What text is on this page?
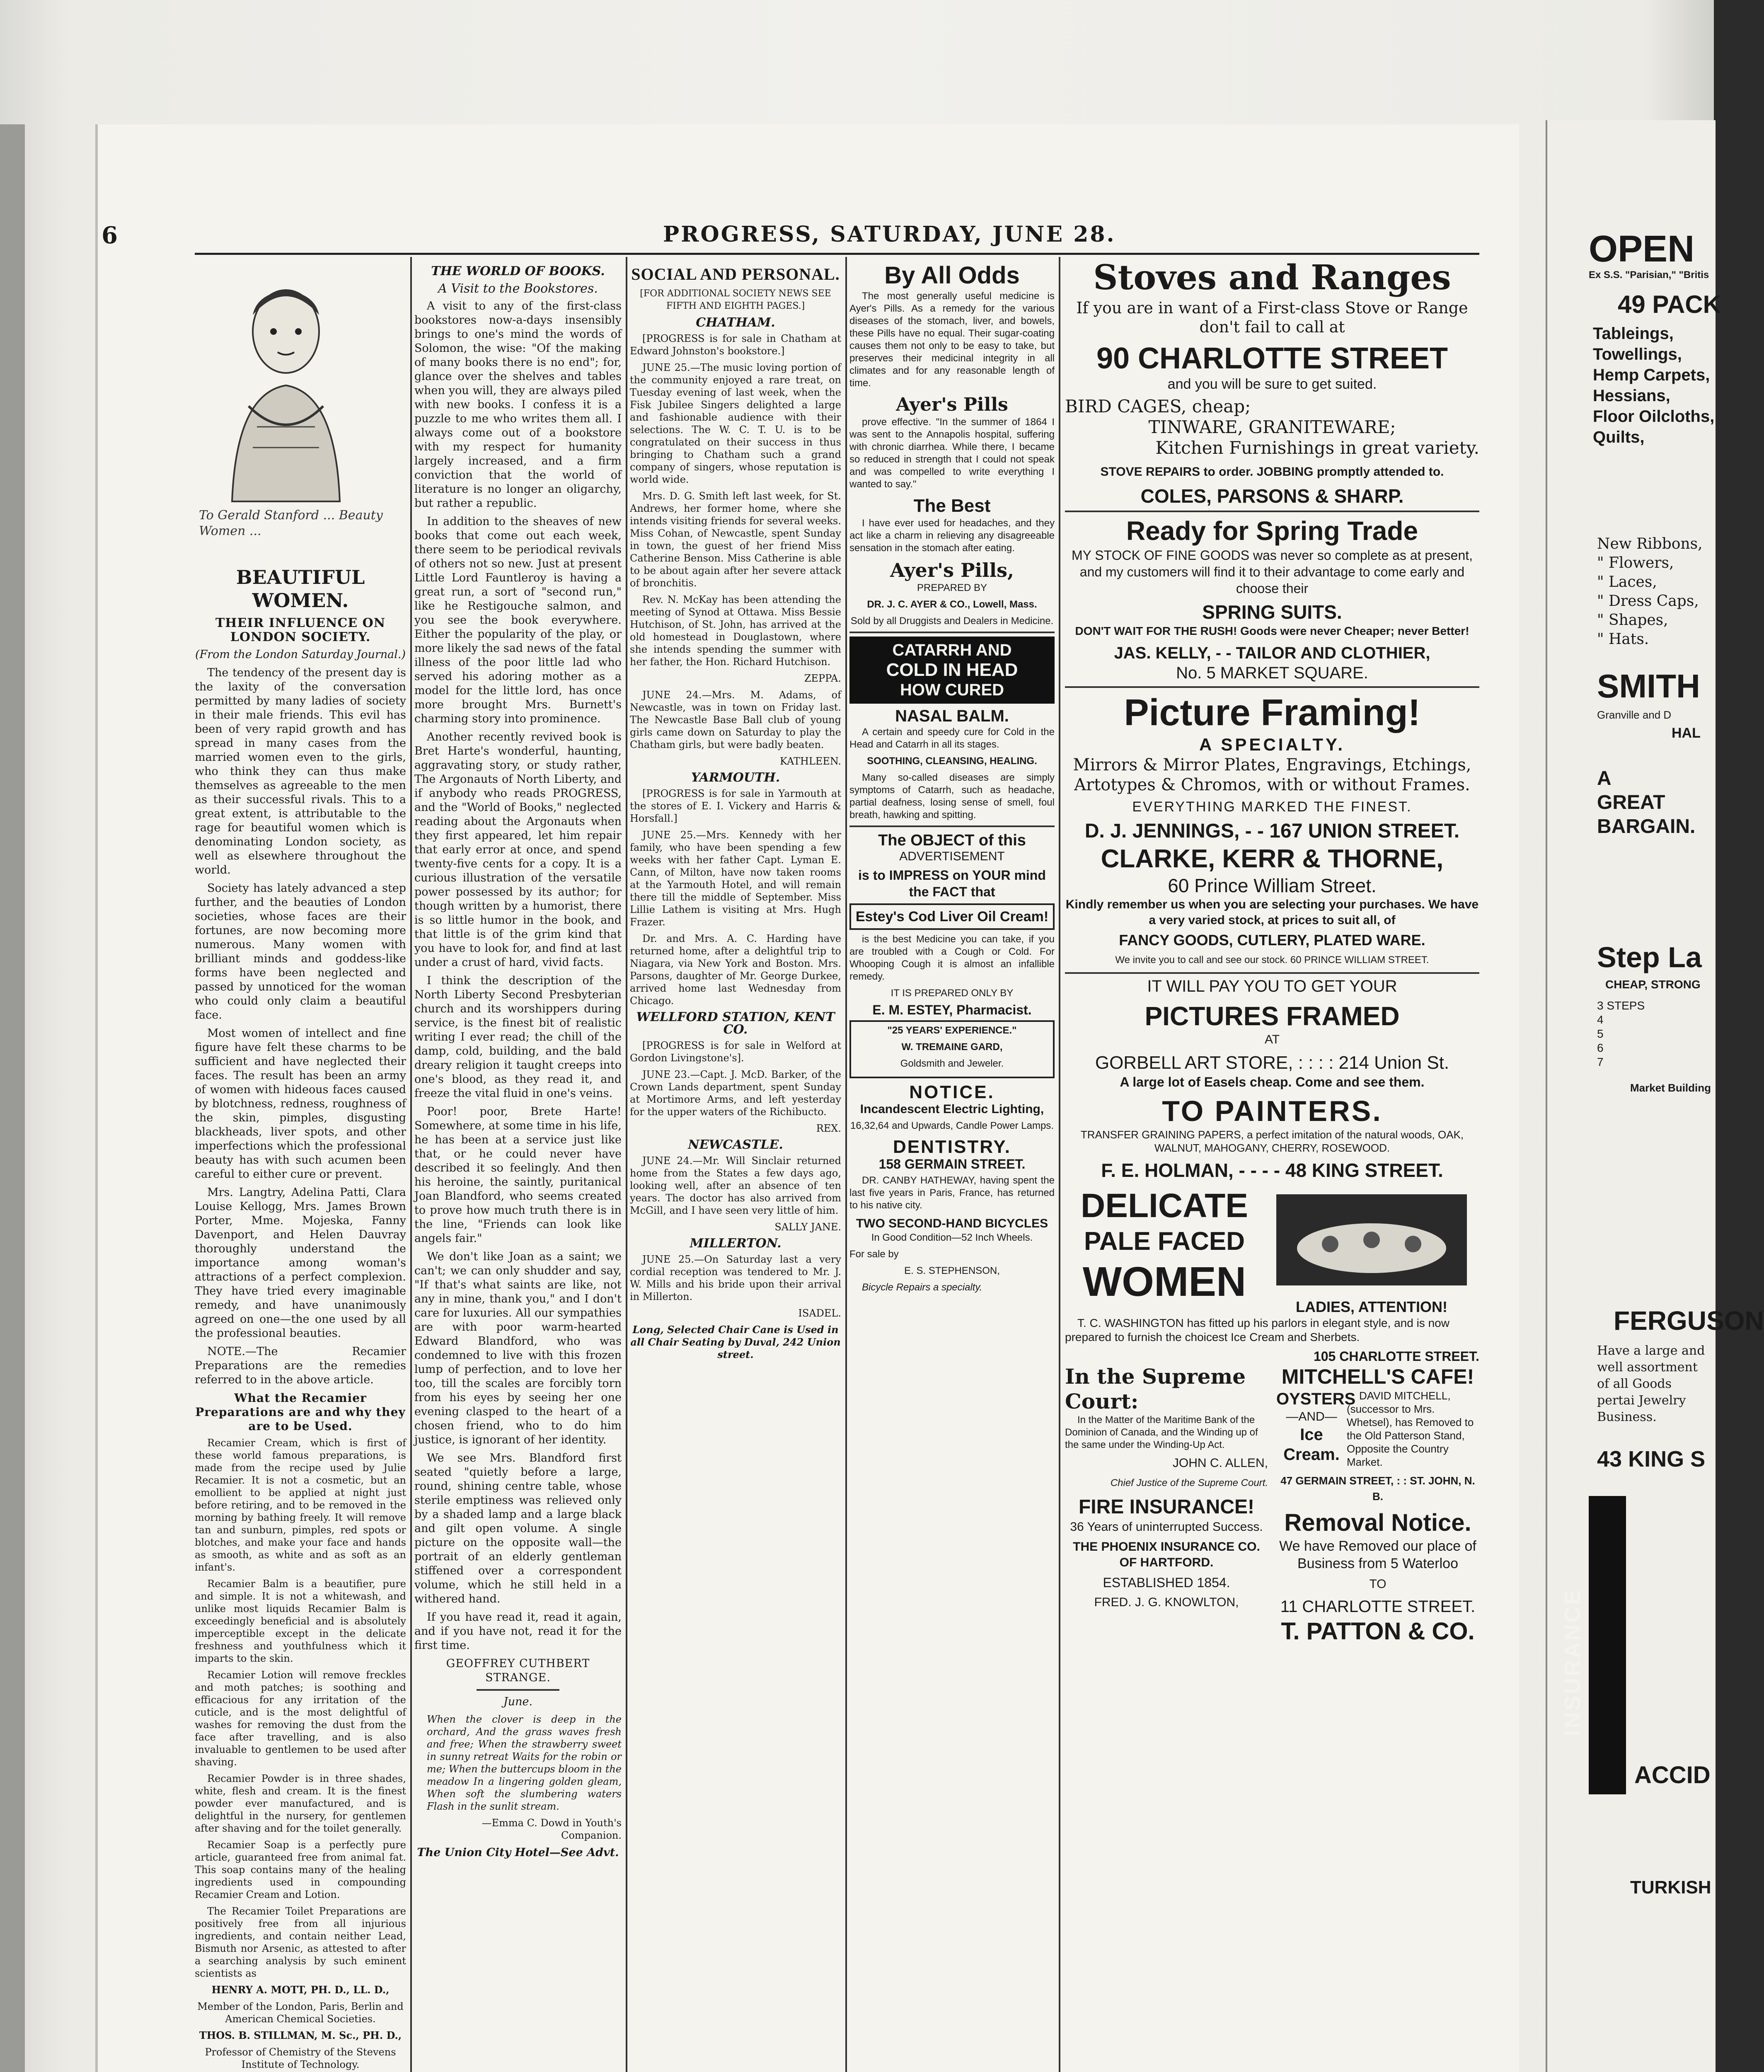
6	PROGRESS, SATURDAY, JUNE 28.
To Gerald Stanford ... Beauty Women ...
BEAUTIFUL WOMEN.
THEIR INFLUENCE ON LONDON SOCIETY.

(From the London Saturday Journal.)

The tendency of the present day is the laxity of the conversation permitted by many ladies of society in their male friends. This evil has been of very rapid growth and has spread in many cases from the married women even to the girls, who think they can thus make themselves as agreeable to the men as their successful rivals. This to a great extent, is attributable to the rage for beautiful women which is denominating London society, as well as elsewhere throughout the world.

Society has lately advanced a step further, and the beauties of London societies, whose faces are their fortunes, are now becoming more numerous. Many women with brilliant minds and goddess-like forms have been neglected and passed by unnoticed for the woman who could only claim a beautiful face.

Most women of intellect and fine figure have felt these charms to be sufficient and have neglected their faces. The result has been an army of women with hideous faces caused by blotchness, redness, roughness of the skin, pimples, disgusting blackheads, liver spots, and other imperfections which the professional beauty has with such acumen been careful to either cure or prevent.

Mrs. Langtry, Adelina Patti, Clara Louise Kellogg, Mrs. James Brown Porter, Mme. Mojeska, Fanny Davenport, and Helen Dauvray thoroughly understand the importance among woman's attractions of a perfect complexion. They have tried every imaginable remedy, and have unanimously agreed on one—the one used by all the professional beauties.

NOTE.—The Recamier Preparations are the remedies referred to in the above article.

What the Recamier Preparations are and why they are to be Used.

Recamier Cream, which is first of these world famous preparations, is made from the recipe used by Julie Recamier. It is not a cosmetic, but an emollient to be applied at night just before retiring, and to be removed in the morning by bathing freely. It will remove tan and sunburn, pimples, red spots or blotches, and make your face and hands as smooth, as white and as soft as an infant's.

Recamier Balm is a beautifier, pure and simple. It is not a whitewash, and unlike most liquids Recamier Balm is exceedingly beneficial and is absolutely imperceptible except in the delicate freshness and youthfulness which it imparts to the skin.

Recamier Lotion will remove freckles and moth patches; is soothing and efficacious for any irritation of the cuticle, and is the most delightful of washes for removing the dust from the face after travelling, and is also invaluable to gentlemen to be used after shaving.

Recamier Powder is in three shades, white, flesh and cream. It is the finest powder ever manufactured, and is delightful in the nursery, for gentlemen after shaving and for the toilet generally.

Recamier Soap is a perfectly pure article, guaranteed free from animal fat. This soap contains many of the healing ingredients used in compounding Recamier Cream and Lotion.

The Recamier Toilet Preparations are positively free from all injurious ingredients, and contain neither Lead, Bismuth nor Arsenic, as attested to after a searching analysis by such eminent scientists as

HENRY A. MOTT, PH. D., LL. D.,

Member of the London, Paris, Berlin and American Chemical Societies.

THOS. B. STILLMAN, M. Sc., PH. D.,

Professor of Chemistry of the Stevens Institute of Technology.

THE WORLD OF BOOKS.
A Visit to the Bookstores.

A visit to any of the first-class bookstores now-a-days insensibly brings to one's mind the words of Solomon, the wise: "Of the making of many books there is no end"; for, glance over the shelves and tables when you will, they are always piled with new books. I confess it is a puzzle to me who writes them all. I always come out of a bookstore with my respect for humanity largely increased, and a firm conviction that the world of literature is no longer an oligarchy, but rather a republic.

In addition to the sheaves of new books that come out each week, there seem to be periodical revivals of others not so new. Just at present Little Lord Fauntleroy is having a great run, a sort of "second run," like he Restigouche salmon, and you see the book everywhere. Either the popularity of the play, or more likely the sad news of the fatal illness of the poor little lad who served his adoring mother as a model for the little lord, has once more brought Mrs. Burnett's charming story into prominence.

Another recently revived book is Bret Harte's wonderful, haunting, aggravating story, or study rather, The Argonauts of North Liberty, and if anybody who reads PROGRESS, and the "World of Books," neglected reading about the Argonauts when they first appeared, let him repair that early error at once, and spend twenty-five cents for a copy. It is a curious illustration of the versatile power possessed by its author; for though written by a humorist, there is so little humor in the book, and that little is of the grim kind that you have to look for, and find at last under a crust of hard, vivid facts.

I think the description of the North Liberty Second Presbyterian church and its worshippers during service, is the finest bit of realistic writing I ever read; the chill of the damp, cold, building, and the bald dreary religion it taught creeps into one's blood, as they read it, and freeze the vital fluid in one's veins.

Poor! poor, Brete Harte! Somewhere, at some time in his life, he has been at a service just like that, or he could never have described it so feelingly. And then his heroine, the saintly, puritanical Joan Blandford, who seems created to prove how much truth there is in the line, "Friends can look like angels fair."

We don't like Joan as a saint; we can't; we can only shudder and say, "If that's what saints are like, not any in mine, thank you," and I don't care for luxuries. All our sympathies are with poor warm-hearted Edward Blandford, who was condemned to live with this frozen lump of perfection, and to love her too, till the scales are forcibly torn from his eyes by seeing her one evening clasped to the heart of a chosen friend, who to do him justice, is ignorant of her identity.

We see Mrs. Blandford first seated "quietly before a large, round, shining centre table, whose sterile emptiness was relieved only by a shaded lamp and a large black and gilt open volume. A single picture on the opposite wall—the portrait of an elderly gentleman stiffened over a correspondent volume, which he still held in a withered hand.

If you have read it, read it again, and if you have not, read it for the first time.

GEOFFREY CUTHBERT STRANGE.

June.

When the clover is deep in the orchard, And the grass waves fresh and free; When the strawberry sweet in sunny retreat Waits for the robin or me; When the buttercups bloom in the meadow In a lingering golden gleam, When soft the slumbering waters Flash in the sunlit stream.

—Emma C. Dowd in Youth's Companion.

The Union City Hotel—See Advt.

SOCIAL AND PERSONAL.

[FOR ADDITIONAL SOCIETY NEWS SEE FIFTH AND EIGHTH PAGES.]

CHATHAM.

[PROGRESS is for sale in Chatham at Edward Johnston's bookstore.]

JUNE 25.—The music loving portion of the community enjoyed a rare treat, on Tuesday evening of last week, when the Fisk Jubilee Singers delighted a large and fashionable audience with their selections. The W. C. T. U. is to be congratulated on their success in thus bringing to Chatham such a grand company of singers, whose reputation is world wide.

Mrs. D. G. Smith left last week, for St. Andrews, her former home, where she intends visiting friends for several weeks. Miss Cohan, of Newcastle, spent Sunday in town, the guest of her friend Miss Catherine Benson. Miss Catherine is able to be about again after her severe attack of bronchitis.

Rev. N. McKay has been attending the meeting of Synod at Ottawa. Miss Bessie Hutchison, of St. John, has arrived at the old homestead in Douglastown, where she intends spending the summer with her father, the Hon. Richard Hutchison.

ZEPPA.

JUNE 24.—Mrs. M. Adams, of Newcastle, was in town on Friday last. The Newcastle Base Ball club of young girls came down on Saturday to play the Chatham girls, but were badly beaten.

KATHLEEN.

YARMOUTH.

[PROGRESS is for sale in Yarmouth at the stores of E. I. Vickery and Harris & Horsfall.]

JUNE 25.—Mrs. Kennedy with her family, who have been spending a few weeks with her father Capt. Lyman E. Cann, of Milton, have now taken rooms at the Yarmouth Hotel, and will remain there till the middle of September. Miss Lillie Lathem is visiting at Mrs. Hugh Frazer.

Dr. and Mrs. A. C. Harding have returned home, after a delightful trip to Niagara, via New York and Boston. Mrs. Parsons, daughter of Mr. George Durkee, arrived home last Wednesday from Chicago.

WELLFORD STATION, KENT CO.

[PROGRESS is for sale in Welford at Gordon Livingstone's].

JUNE 23.—Capt. J. McD. Barker, of the Crown Lands department, spent Sunday at Mortimore Arms, and left yesterday for the upper waters of the Richibucto.

REX.

NEWCASTLE.

JUNE 24.—Mr. Will Sinclair returned home from the States a few days ago, looking well, after an absence of ten years. The doctor has also arrived from McGill, and I have seen very little of him.

SALLY JANE.

MILLERTON.

JUNE 25.—On Saturday last a very cordial reception was tendered to Mr. J. W. Mills and his bride upon their arrival in Millerton.

ISADEL.

Long, Selected Chair Cane is Used in all Chair Seating by Duval, 242 Union street.

By All Odds

The most generally useful medicine is Ayer's Pills. As a remedy for the various diseases of the stomach, liver, and bowels, these Pills have no equal. Their sugar-coating causes them not only to be easy to take, but preserves their medicinal integrity in all climates and for any reasonable length of time.

Ayer's Pills

prove effective. "In the summer of 1864 I was sent to the Annapolis hospital, suffering with chronic diarrhea. While there, I became so reduced in strength that I could not speak and was compelled to write everything I wanted to say."

The Best

I have ever used for headaches, and they act like a charm in relieving any disagreeable sensation in the stomach after eating.

Ayer's Pills,

PREPARED BY

DR. J. C. AYER & CO., Lowell, Mass.

Sold by all Druggists and Dealers in Medicine.

CATARRH AND
COLD IN HEAD
HOW CURED
NASAL BALM.

A certain and speedy cure for Cold in the Head and Catarrh in all its stages.

SOOTHING, CLEANSING, HEALING.

Many so-called diseases are simply symptoms of Catarrh, such as headache, partial deafness, losing sense of smell, foul breath, hawking and spitting.

The OBJECT of this

ADVERTISEMENT

is to IMPRESS on YOUR mind the FACT that
Estey's Cod Liver Oil Cream!

is the best Medicine you can take, if you are troubled with a Cough or Cold. For Whooping Cough it is almost an infallible remedy.

IT IS PREPARED ONLY BY

E. M. ESTEY, Pharmacist.

"25 YEARS' EXPERIENCE."

W. TREMAINE GARD,

Goldsmith and Jeweler.

NOTICE.

Incandescent Electric Lighting,

16,32,64 and Upwards, Candle Power Lamps.

DENTISTRY.

158 GERMAIN STREET.

DR. CANBY HATHEWAY, having spent the last five years in Paris, France, has returned to his native city.

TWO SECOND-HAND BICYCLES

In Good Condition—52 Inch Wheels.

For sale by

E. S. STEPHENSON,

Bicycle Repairs a specialty.

Stoves and Ranges

If you are in want of a First-class Stove or Range don't fail to call at

90 CHARLOTTE STREET

and you will be sure to get suited.

BIRD CAGES, cheap;
TINWARE, GRANITEWARE;
Kitchen Furnishings in great variety.

STOVE REPAIRS to order. JOBBING promptly attended to.

COLES, PARSONS & SHARP.
Ready for Spring Trade

MY STOCK OF FINE GOODS was never so complete as at present, and my customers will find it to their advantage to come early and choose their

SPRING SUITS.

DON'T WAIT FOR THE RUSH! Goods were never Cheaper; never Better!

JAS. KELLY, - - TAILOR AND CLOTHIER,
No. 5 MARKET SQUARE.
Picture Framing!
A SPECIALTY.

Mirrors & Mirror Plates, Engravings, Etchings, Artotypes & Chromos, with or without Frames.

EVERYTHING MARKED THE FINEST.

D. J. JENNINGS, - - 167 UNION STREET.
CLARKE, KERR & THORNE,
60 Prince William Street.

Kindly remember us when you are selecting your purchases. We have a very varied stock, at prices to suit all, of

FANCY GOODS, CUTLERY, PLATED WARE.

We invite you to call and see our stock. 60 PRINCE WILLIAM STREET.

IT WILL PAY YOU TO GET YOUR

PICTURES FRAMED

AT

GORBELL ART STORE, : : : : 214 Union St.

A large lot of Easels cheap. Come and see them.

TO PAINTERS.

TRANSFER GRAINING PAPERS, a perfect imitation of the natural woods, OAK, WALNUT, MAHOGANY, CHERRY, ROSEWOOD.

F. E. HOLMAN, - - - - 48 KING STREET.
DELICATE
PALE FACED
WOMEN
LADIES, ATTENTION!

T. C. WASHINGTON has fitted up his parlors in elegant style, and is now prepared to furnish the choicest Ice Cream and Sherbets.

105 CHARLOTTE STREET.
In the Supreme Court:

In the Matter of the Maritime Bank of the Dominion of Canada, and the Winding up of the same under the Winding-Up Act.

JOHN C. ALLEN,

Chief Justice of the Supreme Court.

FIRE INSURANCE!

36 Years of uninterrupted Success.

THE PHOENIX INSURANCE CO. OF HARTFORD.

ESTABLISHED 1854.

FRED. J. G. KNOWLTON,

MITCHELL'S CAFE!
OYSTERS
—AND—
Ice Cream.

DAVID MITCHELL, (successor to Mrs. Whetsel), has Removed to the Old Patterson Stand, Opposite the Country Market.

47 GERMAIN STREET, : : ST. JOHN, N. B.

Removal Notice.

We have Removed our place of Business from 5 Waterloo

TO

11 CHARLOTTE STREET.
T. PATTON & CO.
OPEN
Ex S.S. "Parisian," "Britis
49 PACK
Tableings,
Towellings,
Hemp Carpets,
Hessians,
Floor Oilcloths,
Quilts,
New Ribbons,
" Flowers,
" Laces,
" Dress Caps,
" Shapes,
" Hats.
SMITH
Granville and D
HAL
A GREAT BARGAIN.
Step La
CHEAP, STRONG
3 STEPS
4
5
6
7
Market Building
FERGUSON
Have a large and well assortment of all Goods pertai Jewelry Business.
43 KING S
INSURANCE
ACCID
TURKISH
